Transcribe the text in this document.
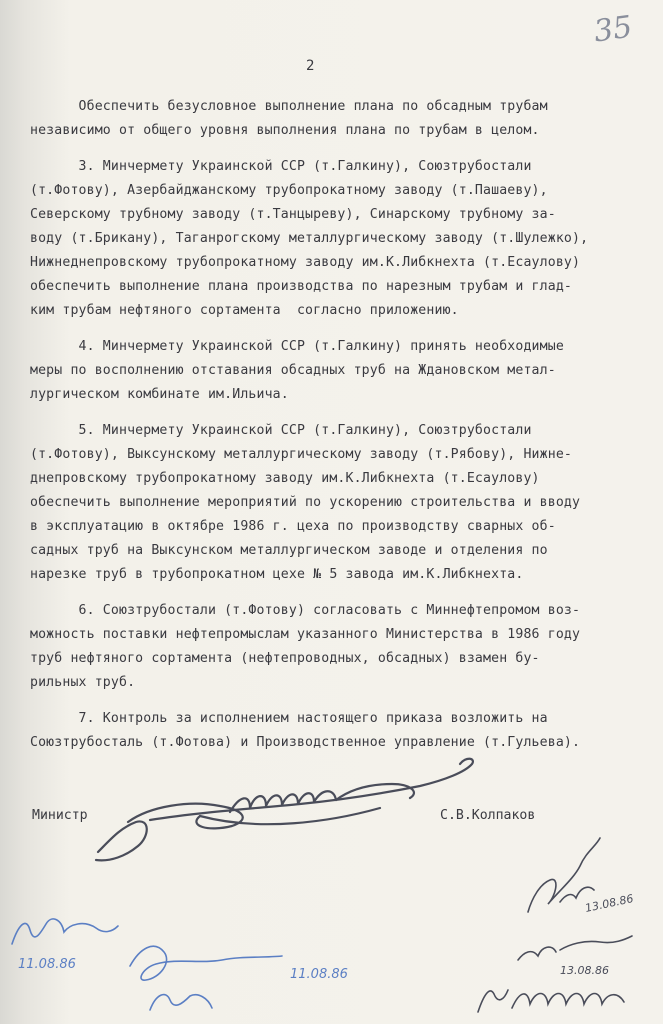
35
2
Обеспечить безусловное выполнение плана по обсадным трубам
независимо от общего уровня выполнения плана по трубам в целом.
3. Минчермету Украинской ССР (т.Галкину), Союзтрубостали
(т.Фотову), Азербайджанскому трубопрокатному заводу (т.Пашаеву),
Северскому трубному заводу (т.Танцыреву), Синарскому трубному за-
воду (т.Брикану), Таганрогскому металлургическому заводу (т.Шулежко),
Нижнеднепровскому трубопрокатному заводу им.К.Либкнехта (т.Есаулову)
обеспечить выполнение плана производства по нарезным трубам и глад-
ким трубам нефтяного сортамента  согласно приложению.
4. Минчермету Украинской ССР (т.Галкину) принять необходимые
меры по восполнению отставания обсадных труб на Ждановском метал-
лургическом комбинате им.Ильича.
5. Минчермету Украинской ССР (т.Галкину), Союзтрубостали
(т.Фотову), Выксунскому металлургическому заводу (т.Рябову), Нижне-
днепровскому трубопрокатному заводу им.К.Либкнехта (т.Есаулову)
обеспечить выполнение мероприятий по ускорению строительства и вводу
в эксплуатацию в октябре 1986 г. цеха по производству сварных об-
садных труб на Выксунском металлургическом заводе и отделения по
нарезке труб в трубопрокатном цехе № 5 завода им.К.Либкнехта.
6. Союзтрубостали (т.Фотову) согласовать с Миннефтепромом воз-
можность поставки нефтепромыслам указанного Министерства в 1986 году
труб нефтяного сортамента (нефтепроводных, обсадных) взамен бу-
рильных труб.
7. Контроль за исполнением настоящего приказа возложить на
Союзтрубосталь (т.Фотова) и Производственное управление (т.Гульева).
Министр	С.В.Колпаков
13.08.86
13.08.86
11.08.86
11.08.86
